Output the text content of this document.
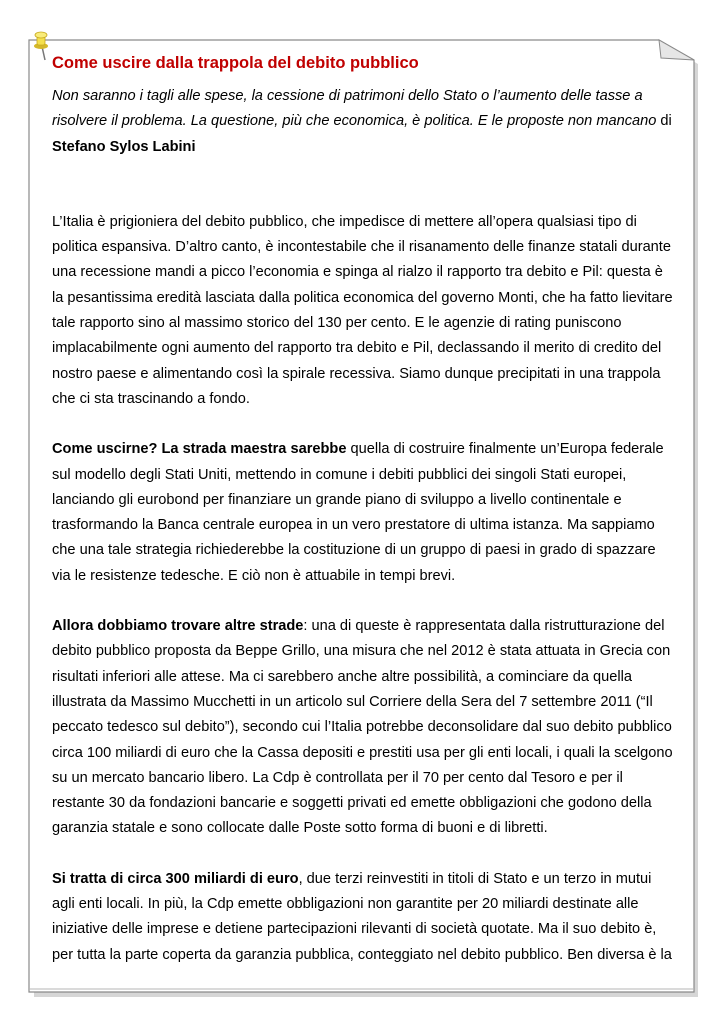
Come uscire dalla trappola del debito pubblico

Non saranno i tagli alle spese, la cessione di patrimoni dello Stato o l’aumento delle tasse a risolvere il problema. La questione, più che economica, è politica. E le proposte non mancano di

Stefano Sylos Labini

L’Italia è prigioniera del debito pubblico, che impedisce di mettere all’opera qualsiasi tipo di politica espansiva. D’altro canto, è incontestabile che il risanamento delle finanze statali durante una recessione mandi a picco l’economia e spinga al rialzo il rapporto tra debito e Pil: questa è la pesantissima eredità lasciata dalla politica economica del governo Monti, che ha fatto lievitare tale rapporto sino al massimo storico del 130 per cento. E le agenzie di rating puniscono implacabilmente ogni aumento del rapporto tra debito e Pil, declassando il merito di credito del nostro paese e alimentando così la spirale recessiva. Siamo dunque precipitati in una trappola che ci sta trascinando a fondo.

Come uscirne? La strada maestra sarebbe quella di costruire finalmente un’Europa federale sul modello degli Stati Uniti, mettendo in comune i debiti pubblici dei singoli Stati europei, lanciando gli eurobond per finanziare un grande piano di sviluppo a livello continentale e trasformando la Banca centrale europea in un vero prestatore di ultima istanza. Ma sappiamo che una tale strategia richiederebbe la costituzione di un gruppo di paesi in grado di spazzare via le resistenze tedesche. E ciò non è attuabile in tempi brevi.

Allora dobbiamo trovare altre strade: una di queste è rappresentata dalla ristrutturazione del debito pubblico proposta da Beppe Grillo, una misura che nel 2012 è stata attuata in Grecia con risultati inferiori alle attese. Ma ci sarebbero anche altre possibilità, a cominciare da quella illustrata da Massimo Mucchetti in un articolo sul Corriere della Sera del 7 settembre 2011 (“Il peccato tedesco sul debito”), secondo cui l’Italia potrebbe deconsolidare dal suo debito pubblico circa 100 miliardi di euro che la Cassa depositi e prestiti usa per gli enti locali, i quali la scelgono su un mercato bancario libero. La Cdp è controllata per il 70 per cento dal Tesoro e per il restante 30 da fondazioni bancarie e soggetti privati ed emette obbligazioni che godono della garanzia statale e sono collocate dalle Poste sotto forma di buoni e di libretti.

Si tratta di circa 300 miliardi di euro, due terzi reinvestiti in titoli di Stato e un terzo in mutui agli enti locali. In più, la Cdp emette obbligazioni non garantite per 20 miliardi destinate alle iniziative delle imprese e detiene partecipazioni rilevanti di società quotate. Ma il suo debito è, per tutta la parte coperta da garanzia pubblica, conteggiato nel debito pubblico. Ben diversa è la
